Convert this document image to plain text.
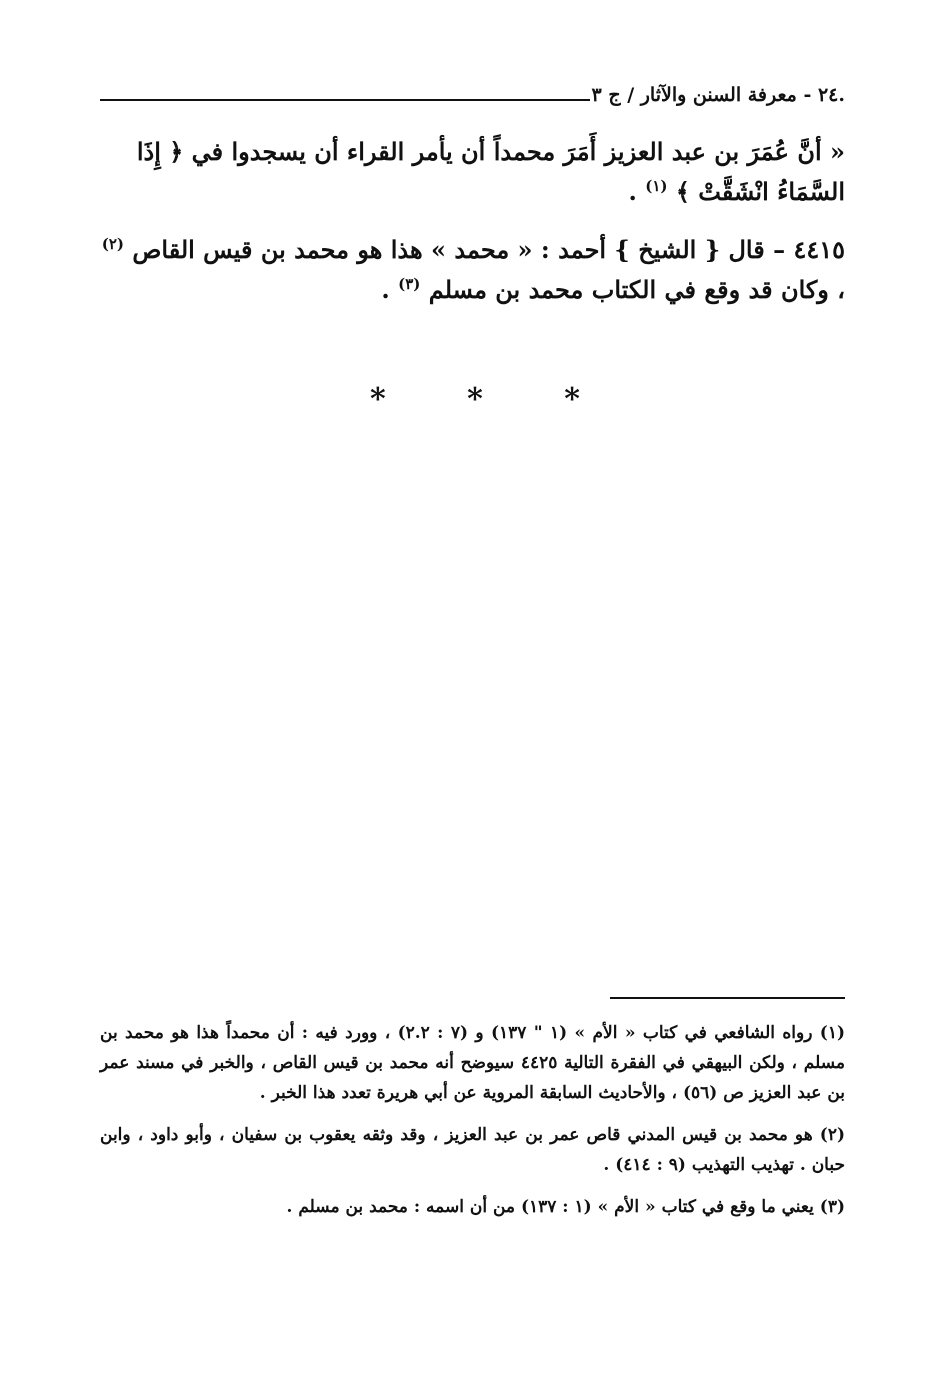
.٢٤ - معرفة السنن والآثار / ج ٣

« أنَّ عُمَرَ بن عبد العزيز أَمَرَ محمداً أن يأمر القراء أن يسجدوا في ﴿ إِذَا السَّمَاءُ انْشَقَّتْ ﴾ $^{(١)}$ .

٤٤١٥ – قال { الشيخ } أحمد : « محمد » هذا هو محمد بن قيس القاص $^{(٢)}$ ، وكان قد وقع في الكتاب محمد بن مسلم $^{(٣)}$ .

*	*	*

(١) رواه الشافعي في كتاب « الأم » (١ " ١٣٧) و (٧ : ٢.٢) ، وورد فيه : أن محمداً هذا هو محمد بن مسلم ، ولكن البيهقي في الفقرة التالية ٤٤٢٥ سيوضح أنه محمد بن قيس القاص ، والخبر في مسند عمر بن عبد العزيز ص (٥٦) ، والأحاديث السابقة المروية عن أبي هريرة تعدد هذا الخبر .

(٢) هو محمد بن قيس المدني قاص عمر بن عبد العزيز ، وقد وثقه يعقوب بن سفيان ، وأبو داود ، وابن حبان . تهذيب التهذيب (٩ : ٤١٤) .

(٣) يعني ما وقع في كتاب « الأم » (١ : ١٣٧) من أن اسمه : محمد بن مسلم .
